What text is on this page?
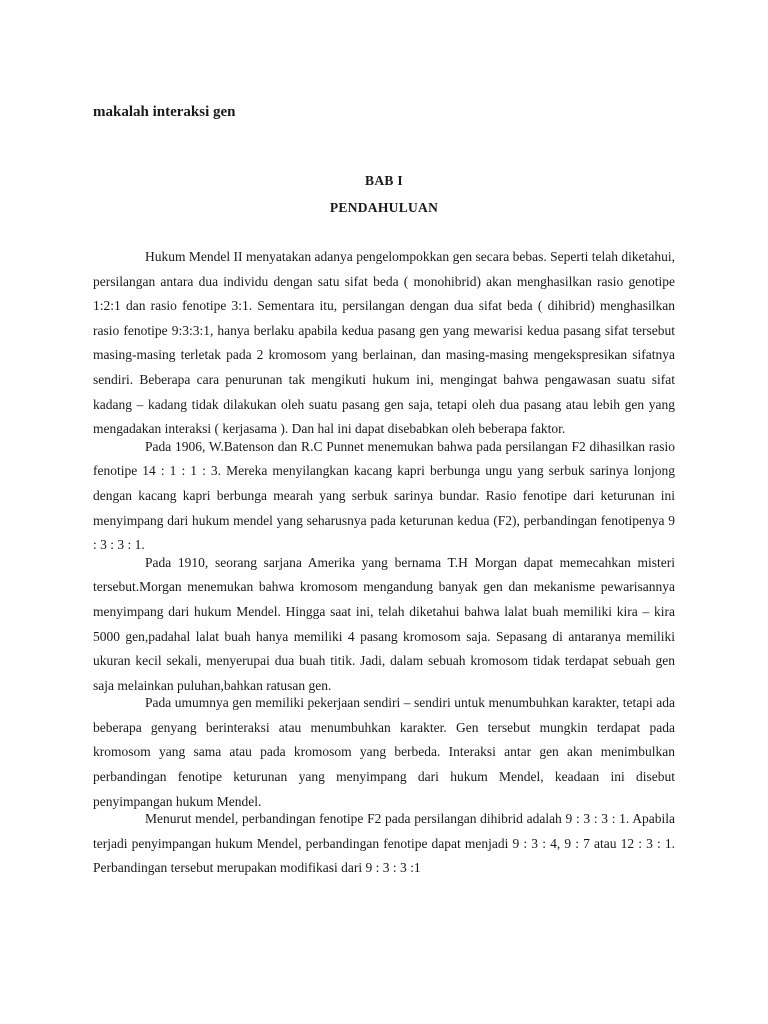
makalah interaksi gen
BAB I
PENDAHULUAN

Hukum Mendel II menyatakan adanya pengelompokkan gen secara bebas. Seperti telah diketahui, persilangan antara dua individu dengan satu sifat beda ( monohibrid) akan menghasilkan rasio genotipe 1:2:1 dan rasio fenotipe 3:1. Sementara itu, persilangan dengan dua sifat beda ( dihibrid) menghasilkan rasio fenotipe 9:3:3:1, hanya berlaku apabila kedua pasang gen yang mewarisi kedua pasang sifat tersebut masing-masing terletak pada 2 kromosom yang berlainan, dan masing-masing mengekspresikan sifatnya sendiri. Beberapa cara penurunan tak mengikuti hukum ini, mengingat bahwa pengawasan suatu sifat kadang – kadang tidak dilakukan oleh suatu pasang gen saja, tetapi oleh dua pasang atau lebih gen yang mengadakan interaksi ( kerjasama ). Dan hal ini dapat disebabkan oleh beberapa faktor.

Pada 1906, W.Batenson dan R.C Punnet menemukan bahwa pada persilangan F2 dihasilkan rasio fenotipe 14 : 1 : 1 : 3. Mereka menyilangkan kacang kapri berbunga ungu yang serbuk sarinya lonjong dengan kacang kapri berbunga mearah yang serbuk sarinya bundar. Rasio fenotipe dari keturunan ini menyimpang dari hukum mendel yang seharusnya pada keturunan kedua (F2), perbandingan fenotipenya 9 : 3 : 3 : 1.

Pada 1910, seorang sarjana Amerika yang bernama T.H Morgan dapat memecahkan misteri tersebut.Morgan menemukan bahwa kromosom mengandung banyak gen dan mekanisme pewarisannya menyimpang dari hukum Mendel. Hingga saat ini, telah diketahui bahwa lalat buah memiliki kira – kira 5000 gen,padahal lalat buah hanya memiliki 4 pasang kromosom saja. Sepasang di antaranya memiliki ukuran kecil sekali, menyerupai dua buah titik. Jadi, dalam sebuah kromosom tidak terdapat sebuah gen saja melainkan puluhan,bahkan ratusan gen.

Pada umumnya gen memiliki pekerjaan sendiri – sendiri untuk menumbuhkan karakter, tetapi ada beberapa genyang berinteraksi atau menumbuhkan karakter. Gen tersebut mungkin terdapat pada kromosom yang sama atau pada kromosom yang berbeda. Interaksi antar gen akan menimbulkan perbandingan fenotipe keturunan yang menyimpang dari hukum Mendel, keadaan ini disebut penyimpangan hukum Mendel.

Menurut mendel, perbandingan fenotipe F2 pada persilangan dihibrid adalah 9 : 3 : 3 : 1. Apabila terjadi penyimpangan hukum Mendel, perbandingan fenotipe dapat menjadi 9 : 3 : 4, 9 : 7 atau 12 : 3 : 1. Perbandingan tersebut merupakan modifikasi dari 9 : 3 : 3 :1
